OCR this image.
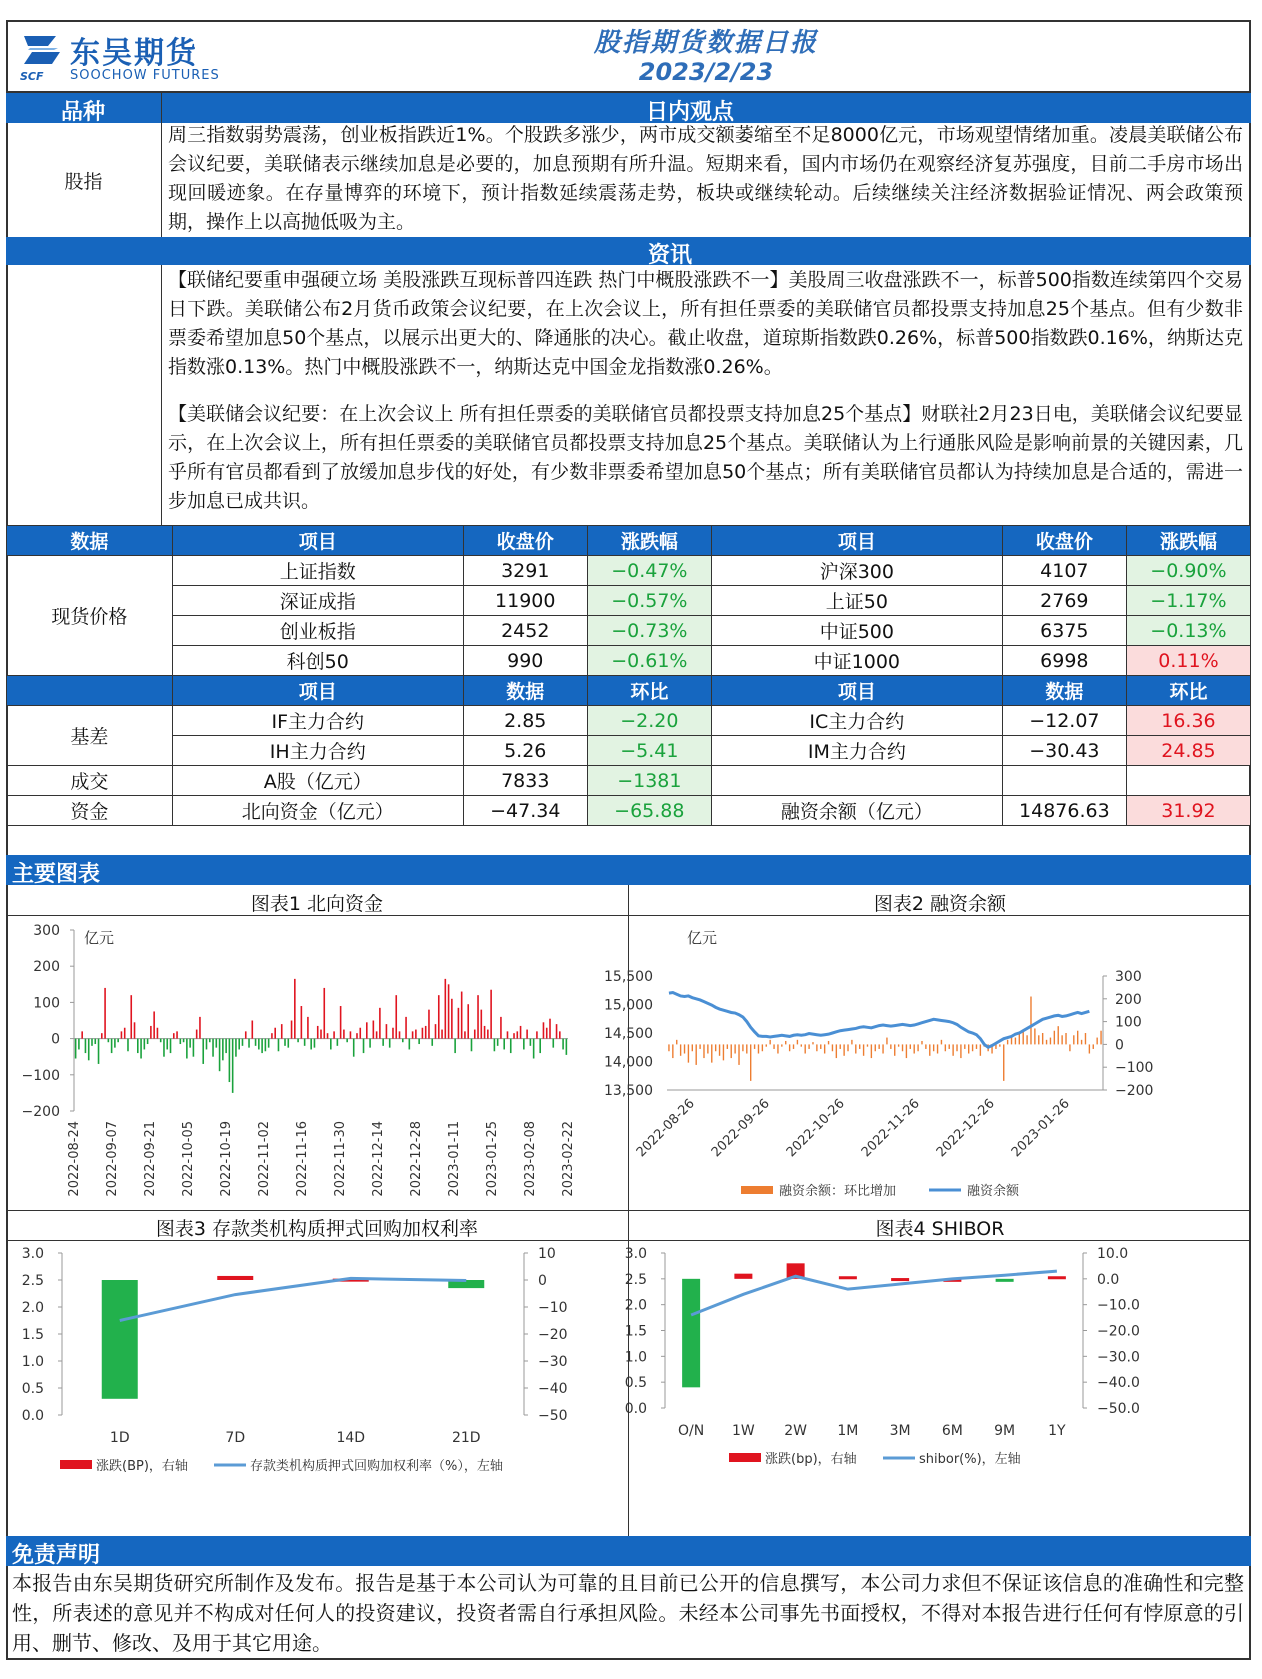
SCF
东吴期货
SOOCHOW FUTURES
股指期货数据日报
2023/2/23
品种	日内观点
股指
周三指数弱势震荡，创业板指跌近1%。个股跌多涨少，两市成交额萎缩至不足8000亿元，市场观望情绪加重。凌晨美联储公布会议纪要，美联储表示继续加息是必要的，加息预期有所升温。短期来看，国内市场仍在观察经济复苏强度，目前二手房市场出现回暖迹象。在存量博弈的环境下，预计指数延续震荡走势，板块或继续轮动。后续继续关注经济数据验证情况、两会政策预期，操作上以高抛低吸为主。
资讯
【联储纪要重申强硬立场 美股涨跌互现标普四连跌 热门中概股涨跌不一】美股周三收盘涨跌不一，标普500指数连续第四个交易日下跌。美联储公布2月货币政策会议纪要，在上次会议上，所有担任票委的美联储官员都投票支持加息25个基点。但有少数非票委希望加息50个基点，以展示出更大的、降通胀的决心。截止收盘，道琼斯指数跌0.26%，标普500指数跌0.16%，纳斯达克指数涨0.13%。热门中概股涨跌不一，纳斯达克中国金龙指数涨0.26%。
【美联储会议纪要：在上次会议上 所有担任票委的美联储官员都投票支持加息25个基点】财联社2月23日电，美联储会议纪要显示，在上次会议上，所有担任票委的美联储官员都投票支持加息25个基点。美联储认为上行通胀风险是影响前景的关键因素，几乎所有官员都看到了放缓加息步伐的好处，有少数非票委希望加息50个基点；所有美联储官员都认为持续加息是合适的，需进一步加息已成共识。
数据	项目	收盘价	涨跌幅	项目	收盘价	涨跌幅
现货价格	上证指数	3291	−0.47%	沪深300	4107	−0.90%
	深证成指	11900	−0.57%	上证50	2769	−1.17%
	创业板指	2452	−0.73%	中证500	6375	−0.13%
	科创50	990	−0.61%	中证1000	6998	0.11%
	项目	数据	环比	项目	数据	环比
基差	IF主力合约	2.85	−2.20	IC主力合约	−12.07	16.36
	IH主力合约	5.26	−5.41	IM主力合约	−30.43	24.85
成交	A股（亿元）	7833	−1381			
资金	北向资金（亿元）	−47.34	−65.88	融资余额（亿元）	14876.63	31.92
主要图表
图表1 北向资金	图表2 融资余额
图表3 存款类机构质押式回购加权利率	图表4 SHIBOR
300
200
100
0
−100
−200
亿元
2022-08-24 2022-09-07 2022-09-21 2022-10-05 2022-10-19 2022-11-02 2022-11-16 2022-11-30 2022-12-14 2022-12-28 2023-01-11 2023-01-25 2023-02-08 2023-02-22
15,500
15,000
14,500
14,000
13,500
300
200
100
0
−100
−200
亿元
2022-08-26 2022-09-26 2022-10-26 2022-11-26 2022-12-26 2023-01-26
融资余额：环比增加	融资余额
3.0
2.5
2.0
1.5
1.0
0.5
0.0
10
0
−10
−20
−30
−40
−50
1D	7D	14D	21D
涨跌(BP)，右轴	存款类机构质押式回购加权利率（%），左轴
3.0
2.5
2.0
1.5
1.0
0.5
0.0
10.0
0.0
−10.0
−20.0
−30.0
−40.0
−50.0
O/N 1W 2W 1M 3M 6M 9M 1Y
涨跌(bp)，右轴	shibor(%)，左轴
免责声明
本报告由东吴期货研究所制作及发布。报告是基于本公司认为可靠的且目前已公开的信息撰写，本公司力求但不保证该信息的准确性和完整性，所表述的意见并不构成对任何人的投资建议，投资者需自行承担风险。未经本公司事先书面授权，不得对本报告进行任何有悖原意的引用、删节、修改、及用于其它用途。
